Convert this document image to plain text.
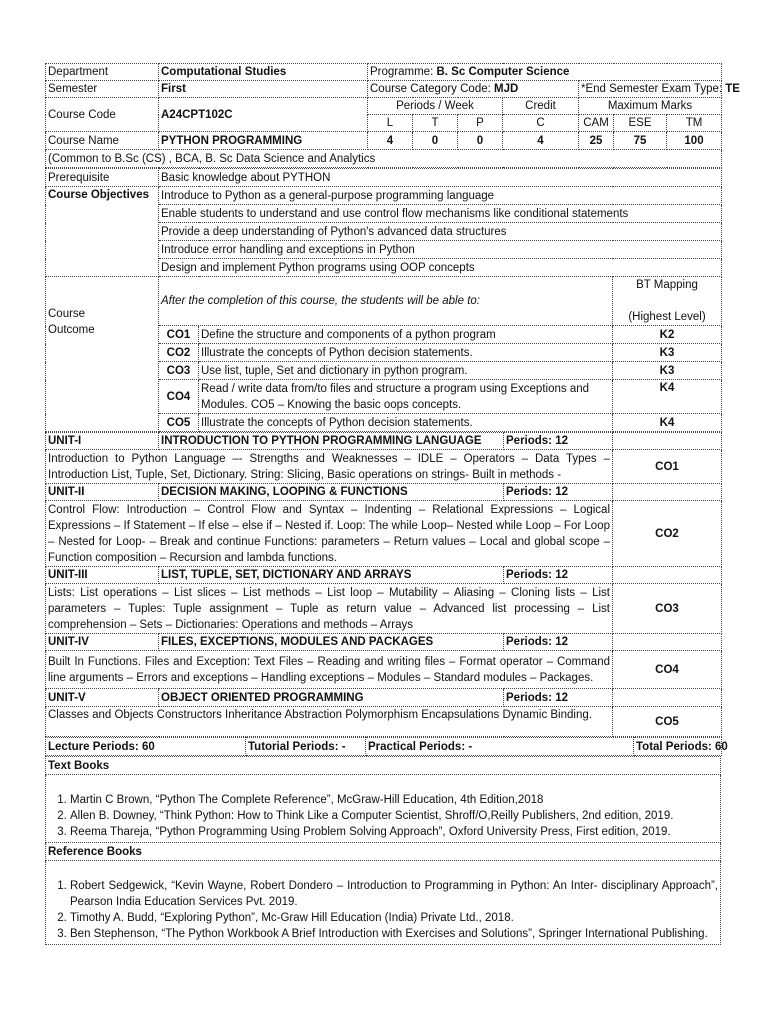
Department	Computational Studies	Programme: B. Sc Computer Science						
Semester	First	Course Category Code: MJD				*End Semester Exam Type: TE		
Course Code	A24CPT102C	Periods / Week			Credit	Maximum Marks		
		L	T	P	C	CAM	ESE	TM
Course Name	PYTHON PROGRAMMING	4	0	0	4	25	75	100
(Common to B.Sc (CS) , BCA, B. Sc Data Science and Analytics								
Prerequisite	Basic knowledge about PYTHON		
Course Objectives	Introduce to Python as a general-purpose programming language		
	Enable students to understand and use control flow mechanisms like conditional statements		
	Provide a deep understanding of Python's advanced data structures		
	Introduce error handling and exceptions in Python		
	Design and implement Python programs using OOP concepts		

Course
Outcome	After the completion of this course, the students will be able to:		BT Mapping

(Highest Level)
	CO1	Define the structure and components of a python program	K2
	CO2	Illustrate the concepts of Python decision statements.	K3
	CO3	Use list, tuple, Set and dictionary in python program.	K3
	CO4	Read / write data from/to files and structure a program using Exceptions and Modules. CO5 – Knowing the basic oops concepts.	K4
	CO5	Illustrate the concepts of Python decision statements.	K4
UNIT-I	INTRODUCTION TO PYTHON PROGRAMMING LANGUAGE	Periods: 12	
Introduction to Python Language –- Strengths and Weaknesses – IDLE – Operators – Data Types – Introduction List, Tuple, Set, Dictionary. String: Slicing, Basic operations on strings- Built in methods -			CO1
UNIT-II	DECISION MAKING, LOOPING & FUNCTIONS	Periods: 12	
Control Flow: Introduction – Control Flow and Syntax – Indenting – Relational Expressions – Logical Expressions – If Statement – If else – else if – Nested if. Loop: The while Loop– Nested while Loop – For Loop – Nested for Loop- – Break and continue Functions: parameters – Return values – Local and global scope – Function composition – Recursion and lambda functions.			CO2
UNIT-III	LIST, TUPLE, SET, DICTIONARY AND ARRAYS	Periods: 12	
Lists: List operations – List slices – List methods – List loop – Mutability – Aliasing – Cloning lists – List parameters – Tuples: Tuple assignment – Tuple as return value – Advanced list processing – List comprehension – Sets – Dictionaries: Operations and methods – Arrays			CO3
UNIT-IV	FILES, EXCEPTIONS, MODULES AND PACKAGES	Periods: 12	
Built In Functions. Files and Exception: Text Files – Reading and writing files – Format operator – Command line arguments – Errors and exceptions – Handling exceptions – Modules – Standard modules – Packages.			CO4
UNIT-V	OBJECT ORIENTED PROGRAMMING	Periods: 12	
Classes and Objects Constructors Inheritance Abstraction Polymorphism Encapsulations Dynamic Binding.			CO5
Lecture Periods: 60	Tutorial Periods: -	Practical Periods: -	Total Periods: 60
Text Books

1. Martin C Brown, “Python The Complete Reference”, McGraw-Hill Education, 4th Edition,2018
2. Allen B. Downey, “Think Python: How to Think Like a Computer Scientist, Shroff/O,Reilly Publishers, 2nd edition, 2019.
3. Reema Thareja, “Python Programming Using Problem Solving Approach”, Oxford University Press, First edition, 2019.

Reference Books

1. Robert Sedgewick, “Kevin Wayne, Robert Dondero – Introduction to Programming in Python: An Inter- disciplinary Approach”, Pearson India Education Services Pvt. 2019.
2. Timothy A. Budd, “Exploring Python”, Mc-Graw Hill Education (India) Private Ltd., 2018.
3. Ben Stephenson, “The Python Workbook A Brief Introduction with Exercises and Solutions”, Springer International Publishing.
